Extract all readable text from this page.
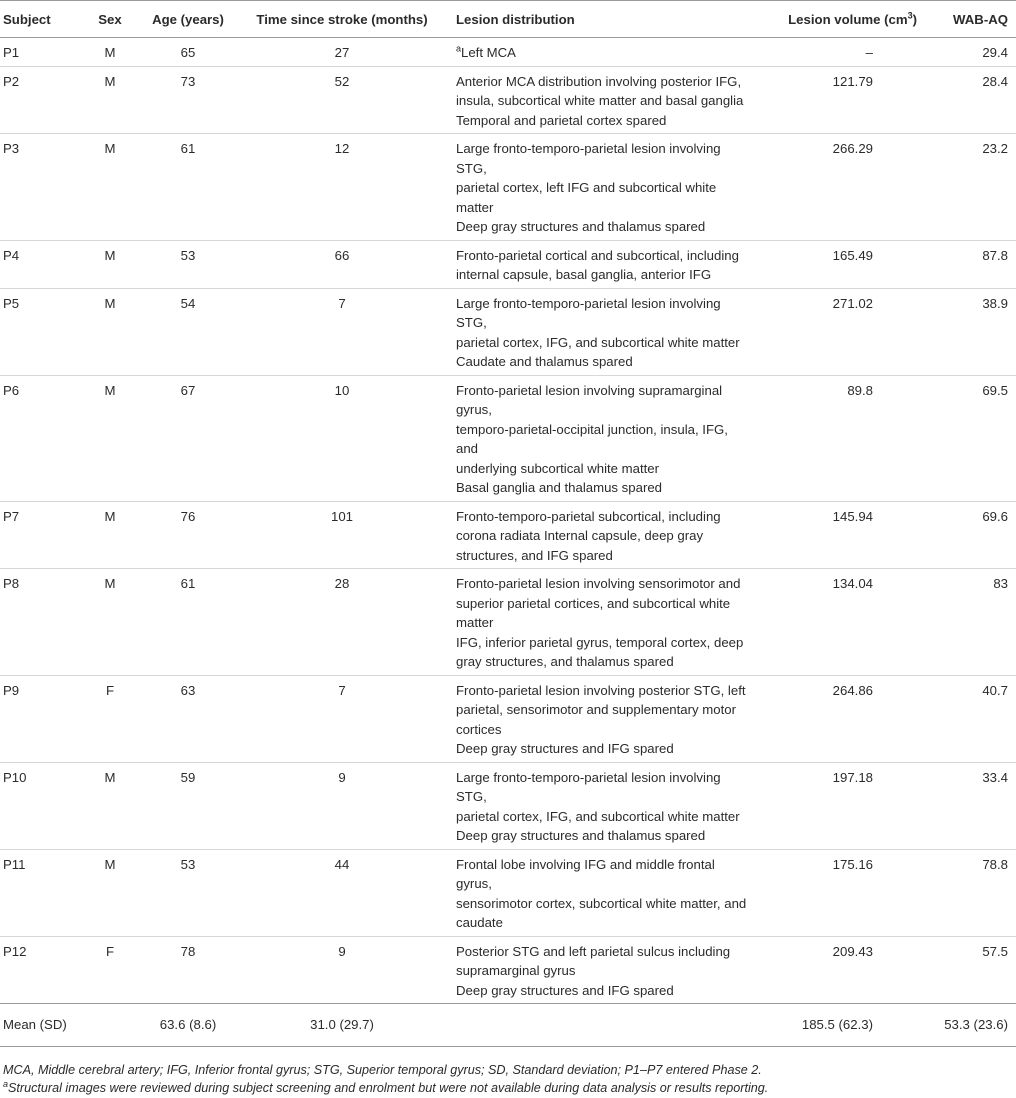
Subject	Sex	Age (years)	Time since stroke (months)	Lesion distribution	Lesion volume $(cm^3)$	WAB-AQ
P1	M	65	27	$^a$Left MCA	–	29.4
P2	M	73	52	Anterior MCA distribution involving posterior IFG,
insula, subcortical white matter and basal ganglia
Temporal and parietal cortex spared	121.79	28.4
P3	M	61	12	Large fronto-temporo-parietal lesion involving STG,
parietal cortex, left IFG and subcortical white matter
Deep gray structures and thalamus spared	266.29	23.2
P4	M	53	66	Fronto-parietal cortical and subcortical, including
internal capsule, basal ganglia, anterior IFG	165.49	87.8
P5	M	54	7	Large fronto-temporo-parietal lesion involving STG,
parietal cortex, IFG, and subcortical white matter
Caudate and thalamus spared	271.02	38.9
P6	M	67	10	Fronto-parietal lesion involving supramarginal gyrus,
temporo-parietal-occipital junction, insula, IFG, and
underlying subcortical white matter
Basal ganglia and thalamus spared	89.8	69.5
P7	M	76	101	Fronto-temporo-parietal subcortical, including
corona radiata Internal capsule, deep gray
structures, and IFG spared	145.94	69.6
P8	M	61	28	Fronto-parietal lesion involving sensorimotor and
superior parietal cortices, and subcortical white
matter
IFG, inferior parietal gyrus, temporal cortex, deep
gray structures, and thalamus spared	134.04	83
P9	F	63	7	Fronto-parietal lesion involving posterior STG, left
parietal, sensorimotor and supplementary motor
cortices
Deep gray structures and IFG spared	264.86	40.7
P10	M	59	9	Large fronto-temporo-parietal lesion involving STG,
parietal cortex, IFG, and subcortical white matter
Deep gray structures and thalamus spared	197.18	33.4
P11	M	53	44	Frontal lobe involving IFG and middle frontal gyrus,
sensorimotor cortex, subcortical white matter, and
caudate	175.16	78.8
P12	F	78	9	Posterior STG and left parietal sulcus including
supramarginal gyrus
Deep gray structures and IFG spared	209.43	57.5
Mean (SD)		63.6 (8.6)	31.0 (29.7)		185.5 (62.3)	53.3 (23.6)
MCA, Middle cerebral artery; IFG, Inferior frontal gyrus; STG, Superior temporal gyrus; SD, Standard deviation; P1–P7 entered Phase 2.
$^a$Structural images were reviewed during subject screening and enrolment but were not available during data analysis or results reporting.
